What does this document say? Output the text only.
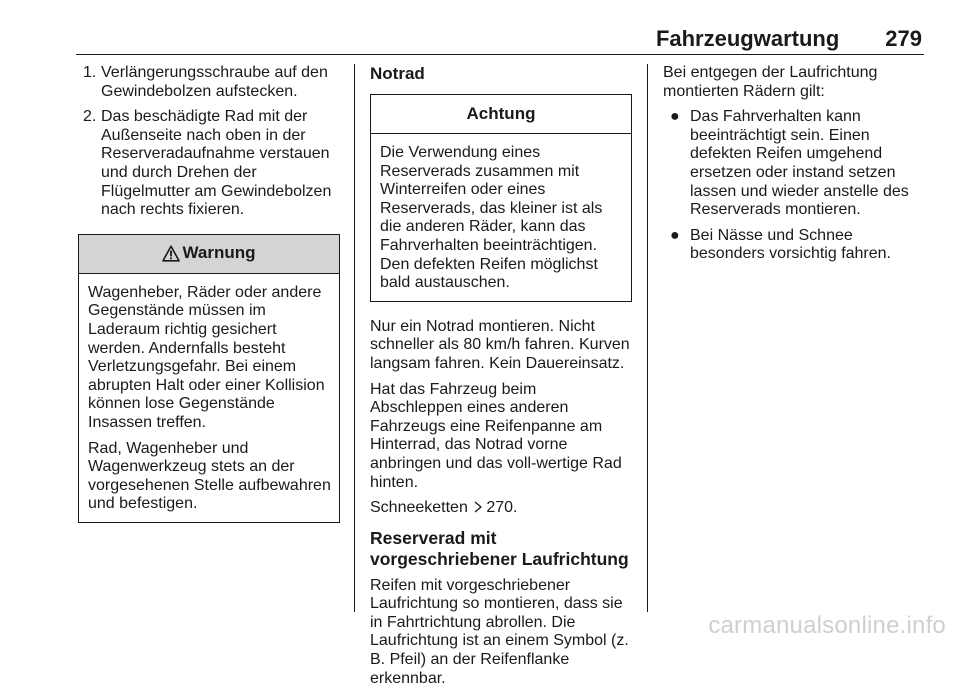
Fahrzeugwartung 279
1. Verlängerungsschraube auf den Gewindebolzen aufstecken.
2. Das beschädigte Rad mit der Außenseite nach oben in der Reserveradaufnahme verstauen und durch Drehen der Flügelmutter am Gewindebolzen nach rechts fixieren.
Warnung

Wagenheber, Räder oder andere Gegenstände müssen im Laderaum richtig gesichert werden. Andernfalls besteht Verletzungsgefahr. Bei einem abrupten Halt oder einer Kollision können lose Gegenstände Insassen treffen.

Rad, Wagenheber und Wagenwerkzeug stets an der vorgesehenen Stelle aufbewahren und befestigen.

Notrad
Achtung

Die Verwendung eines Reserverads zusammen mit Winterreifen oder eines Reserverads, das kleiner ist als die anderen Räder, kann das Fahrverhalten beeinträchtigen. Den defekten Reifen möglichst bald austauschen.

Nur ein Notrad montieren. Nicht schneller als 80 km/h fahren. Kurven langsam fahren. Kein Dauereinsatz.

Hat das Fahrzeug beim Abschleppen eines anderen Fahrzeugs eine Reifenpanne am Hinterrad, das Notrad vorne anbringen und das voll-wertige Rad hinten.

Schneeketten 270.

Reserverad mit vorgeschriebener Laufrichtung

Reifen mit vorgeschriebener Laufrichtung so montieren, dass sie in Fahrtrichtung abrollen. Die Laufrichtung ist an einem Symbol (z. B. Pfeil) an der Reifenflanke erkennbar.

Bei entgegen der Laufrichtung montierten Rädern gilt:

● Das Fahrverhalten kann beeinträchtigt sein. Einen defekten Reifen umgehend ersetzen oder instand setzen lassen und wieder anstelle des Reserverads montieren.
● Bei Nässe und Schnee besonders vorsichtig fahren.
carmanualsonline.info
